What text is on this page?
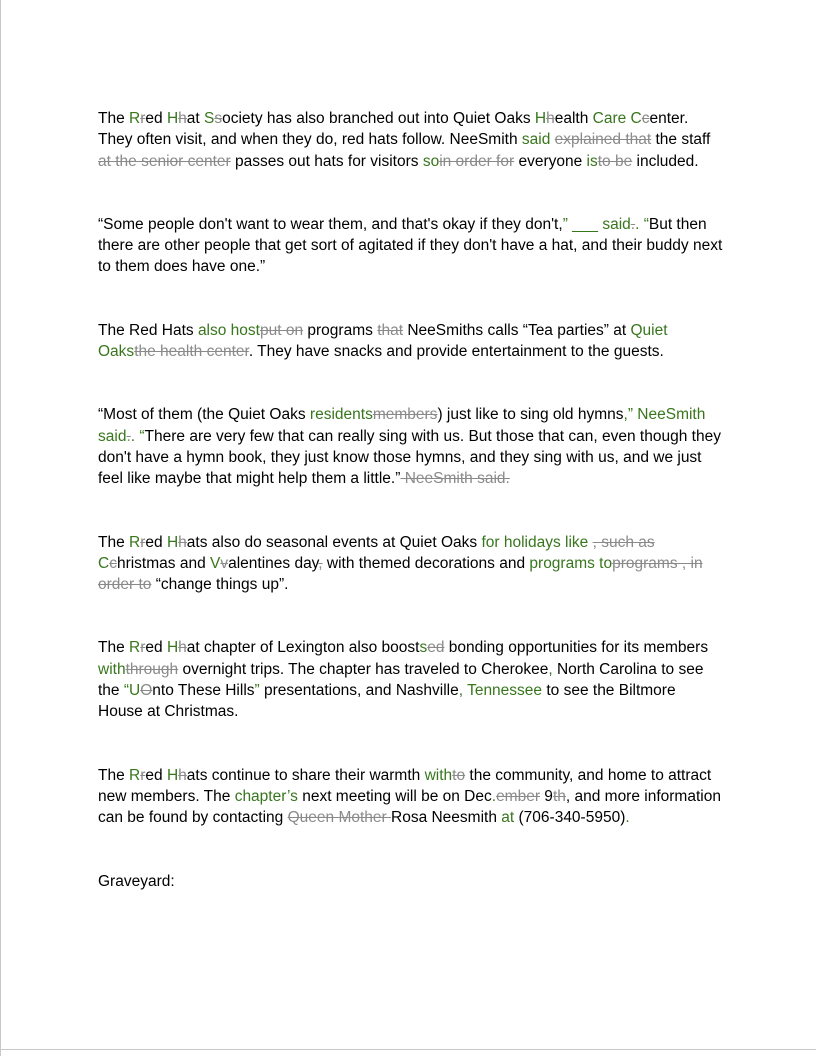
The Rred Hhat Ssociety has also branched out into Quiet Oaks Hhealth Care Ccenter. They often visit, and when they do, red hats follow. NeeSmith said explained that the staff at the senior center passes out hats for visitors soin order for everyone isto be included.

“Some people don't want to wear them, and that's okay if they don't,” ___ said.. “But then there are other people that get sort of agitated if they don't have a hat, and their buddy next to them does have one.”

The Red Hats also hostput on programs that NeeSmiths calls “Tea parties” at Quiet Oaksthe health center. They have snacks and provide entertainment to the guests.

“Most of them (the Quiet Oaks residentsmembers) just like to sing old hymns,” NeeSmith said.. “There are very few that can really sing with us. But those that can, even though they don't have a hymn book, they just know those hymns, and they sing with us, and we just feel like maybe that might help them a little.” NeeSmith said.

The Rred Hhats also do seasonal events at Quiet Oaks for holidays like , such as Cchristmas and Vvalentines day, with themed decorations and programs toprograms , in order to “change things up”.

The Rred Hhat chapter of Lexington also boostsed bonding opportunities for its members withthrough overnight trips. The chapter has traveled to Cherokee, North Carolina to see the “UOnto These Hills” presentations, and Nashville, Tennessee to see the Biltmore House at Christmas.

The Rred Hhats continue to share their warmth withto the community, and home to attract new members. The chapter’s next meeting will be on Dec.ember 9th, and more information can be found by contacting Queen Mother Rosa Neesmith at (706-340-5950).

Graveyard:
